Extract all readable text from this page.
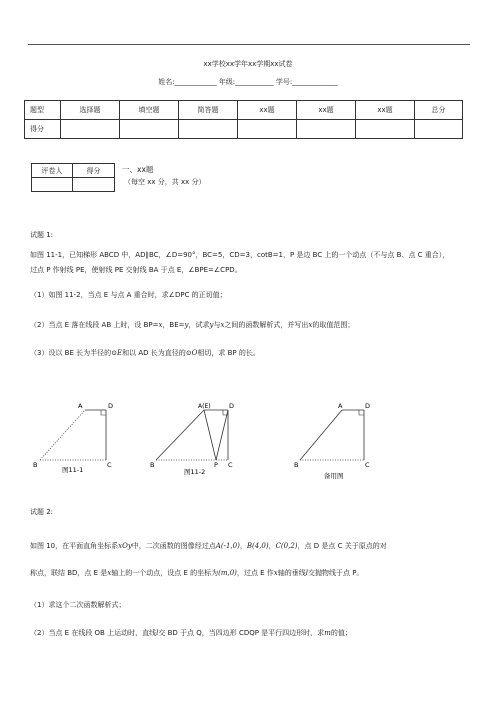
xx学校xx学年xx学期xx试卷
姓名:____________ 年级:___________ 学号:_____________
题型	选择题	填空题	简答题	xx题	xx题	xx题	总分
得分							
评卷人	得分
		一、xx题
（每空 xx 分，共 xx 分）

试题 1:

如图 11-1，已知梯形 ABCD 中，AD∥BC，∠D=90°，BC=5，CD=3，cotB=1，P 是边 BC 上的一个动点（不与点 B、点 C 重合），

过点 P 作射线 PE，使射线 PE 交射线 BA 于点 E，∠BPE=∠CPD。

（1）如图 11-2，当点 E 与点 A 重合时，求∠DPC 的正切值；

（2）当点 E 落在线段 AB 上时，设 BP=x，BE=y，试求y与x之间的函数解析式，并写出x的取值范围；

（3）设以 BE 长为半径的⊙E和以 AD 长为直径的⊙O相切，求 BP 的长。

A	D
B	C
图11-1
A(E)	D
B	P C
图11-2
A	D
B	C
备用图

试题 2:

如图 10，在平面直角坐标系xOy中，二次函数的图像经过点A(-1,0)，B(4,0)，C(0,2)，点 D 是点 C 关于原点的对

称点，联结 BD，点 E 是x轴上的一个动点，设点 E 的坐标为(m,0)，过点 E 作x轴的垂线l交抛物线于点 P。

（1）求这个二次函数解析式；

（2）当点 E 在线段 OB 上运动时，直线l交 BD 于点 Q，当四边形 CDQP 是平行四边形时，求m的值；
